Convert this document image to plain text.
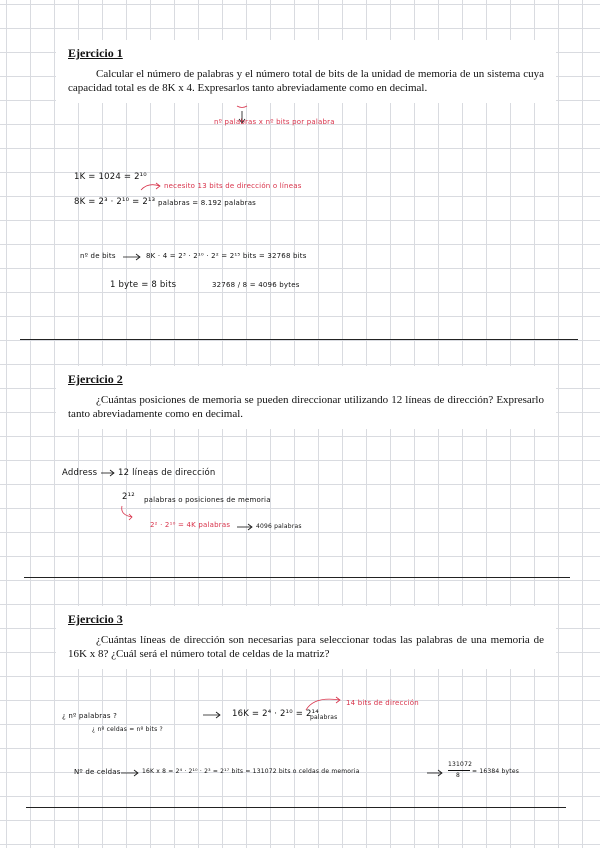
Ejercicio 1

Calcular el número de palabras y el número total de bits de la unidad de memoria de un sistema cuya capacidad total es de 8K x 4. Expresarlos tanto abreviadamente como en decimal.

nº palabras x nº bits por palabra
1K = 1024 = 2¹⁰
necesito 13 bits de dirección o líneas
8K = 2³ · 2¹⁰ = 2¹³ palabras = 8.192 palabras
nº de bits	8K · 4 = 2³ · 2¹⁰ · 2² = 2¹⁵ bits = 32768 bits
1 byte = 8 bits	32768 / 8 = 4096 bytes
Ejercicio 2

¿Cuántas posiciones de memoria se pueden direccionar utilizando 12 líneas de dirección? Expresarlo tanto abreviadamente como en decimal.

Address 12 líneas de dirección
2¹² palabras o posiciones de memoria
2² · 2¹⁰ = 4K palabras	4096 palabras
Ejercicio 3

¿Cuántas líneas de dirección son necesarias para seleccionar todas las palabras de una memoria de 16K x 8? ¿Cuál será el número total de celdas de la matriz?

¿ nº palabras ?
¿ nº celdas = nº bits ?
16K = 2⁴ · 2¹⁰ = 2¹⁴
palabras
14 bits de dirección
Nº de celdas	16K x 8 = 2⁴ · 2¹⁰ · 2³ = 2¹⁷ bits = 131072 bits o celdas de memoria
131072
8
= 16384 bytes
